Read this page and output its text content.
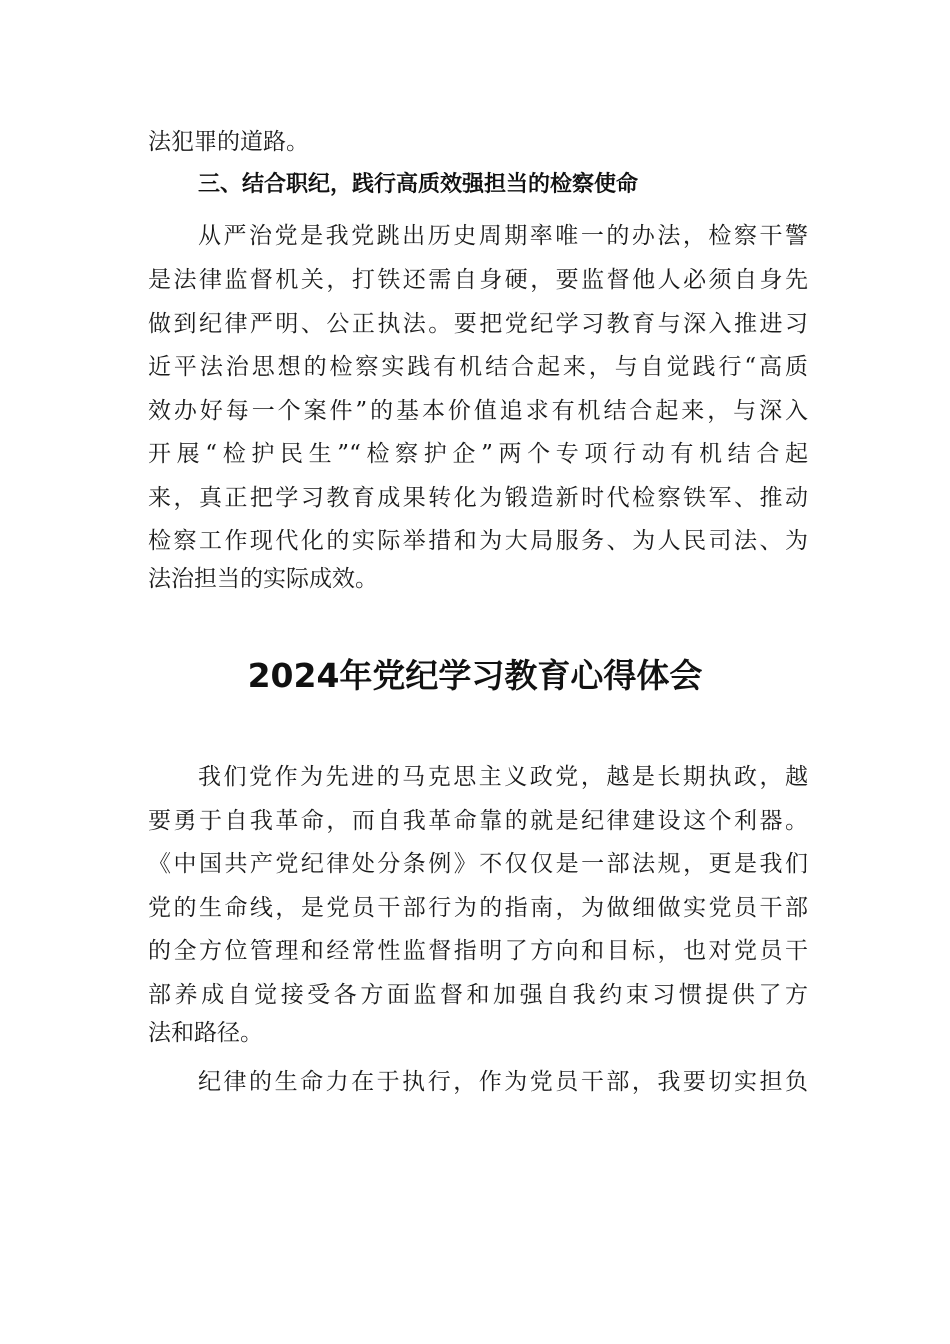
法犯罪的道路。
三、结合职纪，践行高质效强担当的检察使命
从严治党是我党跳出历史周期率唯一的办法，检察干警
是法律监督机关，打铁还需自身硬，要监督他人必须自身先
做到纪律严明、公正执法。要把党纪学习教育与深入推进习
近平法治思想的检察实践有机结合起来，与自觉践行“高质
效办好每一个案件”的基本价值追求有机结合起来，与深入
开展“检护民生”“检察护企”两个专项行动有机结合起
来，真正把学习教育成果转化为锻造新时代检察铁军、推动
检察工作现代化的实际举措和为大局服务、为人民司法、为
法治担当的实际成效。
2024年党纪学习教育心得体会
我们党作为先进的马克思主义政党，越是长期执政，越
要勇于自我革命，而自我革命靠的就是纪律建设这个利器。
《中国共产党纪律处分条例》不仅仅是一部法规，更是我们
党的生命线，是党员干部行为的指南，为做细做实党员干部
的全方位管理和经常性监督指明了方向和目标，也对党员干
部养成自觉接受各方面监督和加强自我约束习惯提供了方
法和路径。
纪律的生命力在于执行，作为党员干部，我要切实担负
